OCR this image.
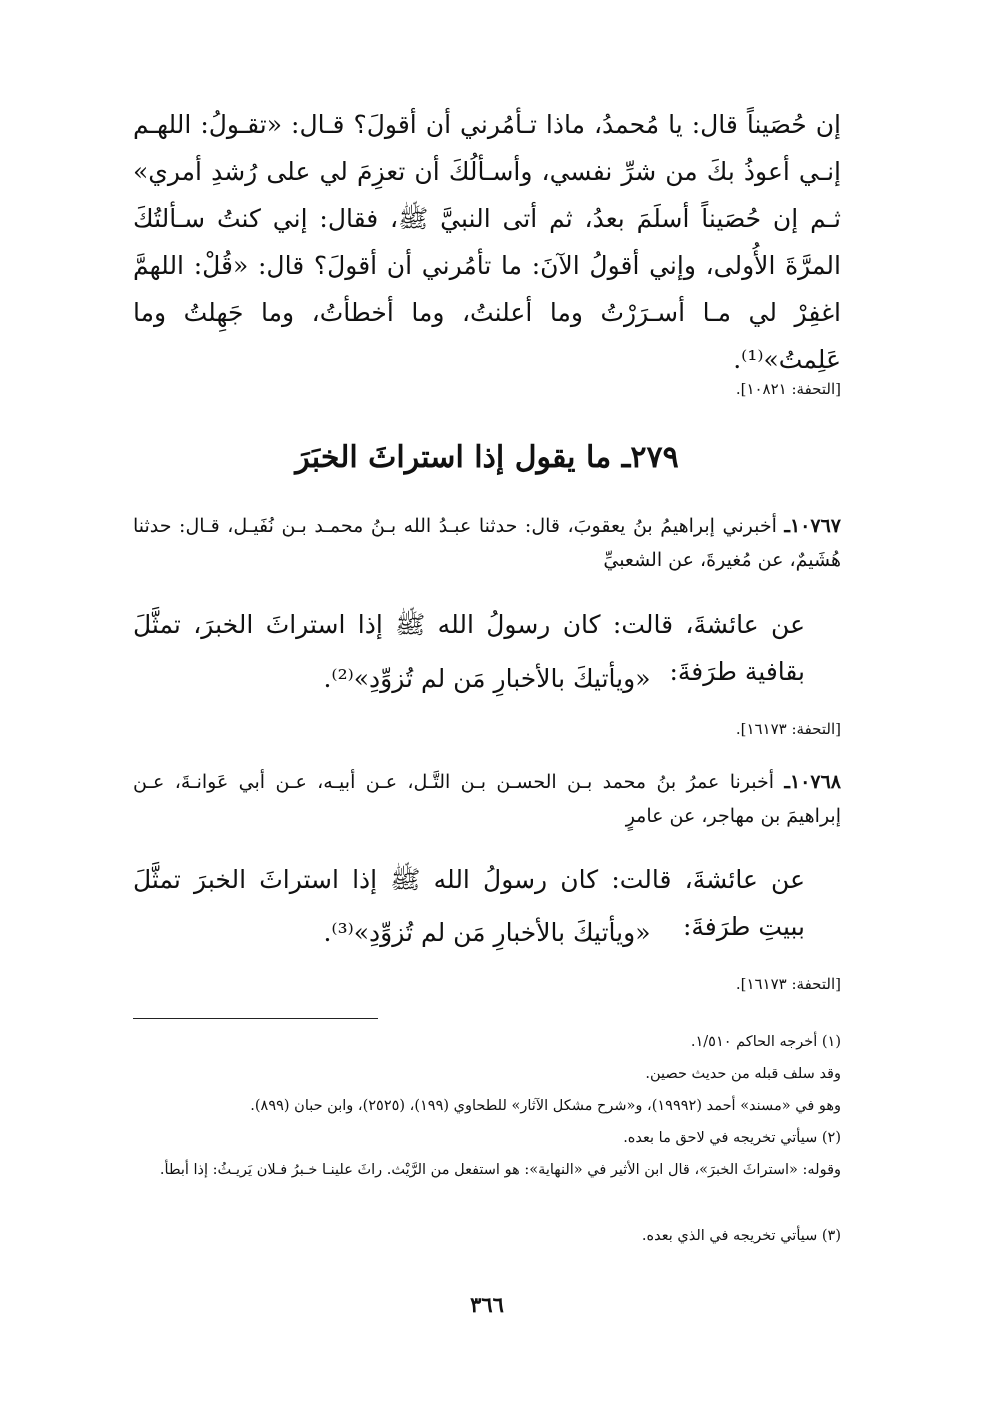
إن حُصَيناً قال: يا مُحمدُ، ماذا تـأمُرني أن أقولَ؟ قـال: «تقـولُ: اللهـم إنـي أعوذُ بكَ من شرِّ نفسي، وأسـألُكَ أن تعزِمَ لي على رُشدِ أمري» ثـم إن حُصَيناً أسلَمَ بعدُ، ثم أتى النبيَّ ﷺ، فقال: إني كنتُ سـألتُكَ المرَّةَ الأُولى، وإني أقولُ الآنَ: ما تأمُرني أن أقولَ؟ قال: «قُلْ: اللهمَّ اغفِرْ لي مـا أسـرَرْتُ وما أعلنتُ، وما أخطأتُ، وما جَهِلتُ وما عَلِمتُ»⁽¹⁾.
[التحفة: ١٠٨٢١].
٢٧٩ـ ما يقول إذا استراثَ الخبَرَ
١٠٧٦٧ـ أخبرني إبراهيمُ بنُ يعقوبَ، قال: حدثنا عبـدُ الله بـنُ محمـد بـن نُفَيـل، قـال: حدثنا هُشَيمٌ، عن مُغيرةَ، عن الشعبيِّ
عن عائشةَ، قالت: كان رسولُ الله ﷺ إذا استراثَ الخبرَ، تمثَّلَ بقافية طرَفةَ:
«ويأتيكَ بالأخبارِ مَن لم تُزوِّدِ»⁽²⁾.
[التحفة: ١٦١٧٣].
١٠٧٦٨ـ أخبرنا عمرُ بنُ محمد بـن الحسـن بـن التَّـل، عـن أبيـه، عـن أبي عَوانـةَ، عـن إبراهيمَ بن مهاجر، عن عامرٍ
عن عائشةَ، قالت: كان رسولُ الله ﷺ إذا استراثَ الخبرَ تمثَّلَ ببيتِ طرَفةَ:
«ويأتيكَ بالأخبارِ مَن لم تُزوِّدِ»⁽³⁾.
[التحفة: ١٦١٧٣].
(١) أخرجه الحاكم ١/٥١٠.
وقد سلف قبله من حديث حصين.
وهو في «مسند» أحمد (١٩٩٩٢)، و«شرح مشكل الآثار» للطحاوي (١٩٩)، (٢٥٢٥)، وابن حبان (٨٩٩).
(٢) سيأتي تخريجه في لاحق ما بعده.
وقوله: «استراثَ الخبرَ»، قال ابن الأثير في «النهاية»: هو استفعل من الرَّيْث. راثَ علينـا خـبرُ فـلان يَريـثُ: إذا أبطأ.
(٣) سيأتي تخريجه في الذي بعده.
٣٦٦
